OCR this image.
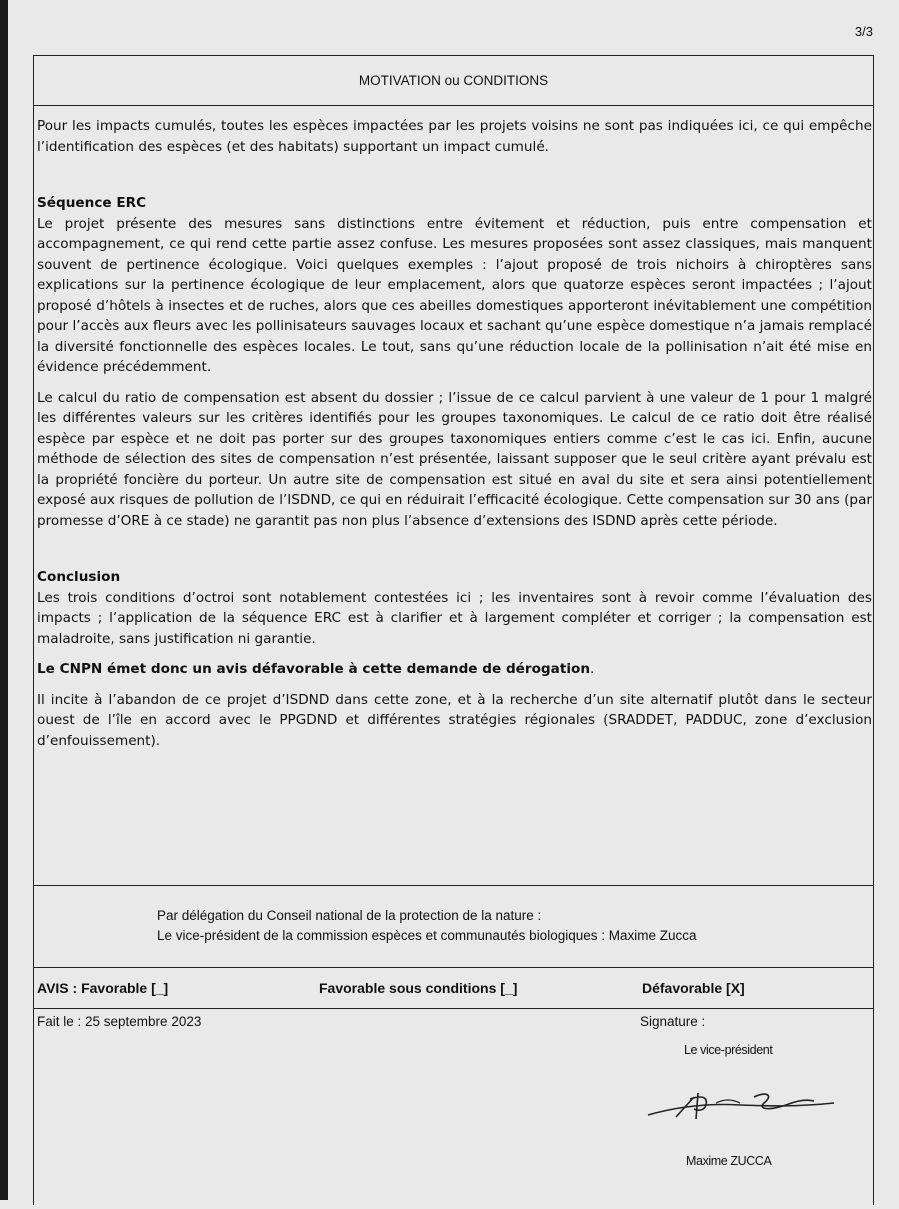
3/3
MOTIVATION ou CONDITIONS

Pour les impacts cumulés, toutes les espèces impactées par les projets voisins ne sont pas indiquées ici, ce qui empêche l’identification des espèces (et des habitats) supportant un impact cumulé.

Séquence ERC

Le projet présente des mesures sans distinctions entre évitement et réduction, puis entre compensation et accompagnement, ce qui rend cette partie assez confuse. Les mesures proposées sont assez classiques, mais manquent souvent de pertinence écologique. Voici quelques exemples : l’ajout proposé de trois nichoirs à chiroptères sans explications sur la pertinence écologique de leur emplacement, alors que quatorze espèces seront impactées ; l’ajout proposé d’hôtels à insectes et de ruches, alors que ces abeilles domestiques apporteront inévitablement une compétition pour l’accès aux fleurs avec les pollinisateurs sauvages locaux et sachant qu’une espèce domestique n’a jamais remplacé la diversité fonctionnelle des espèces locales. Le tout, sans qu’une réduction locale de la pollinisation n’ait été mise en évidence précédemment.

Le calcul du ratio de compensation est absent du dossier ; l’issue de ce calcul parvient à une valeur de 1 pour 1 malgré les différentes valeurs sur les critères identifiés pour les groupes taxonomiques. Le calcul de ce ratio doit être réalisé espèce par espèce et ne doit pas porter sur des groupes taxonomiques entiers comme c’est le cas ici. Enfin, aucune méthode de sélection des sites de compensation n’est présentée, laissant supposer que le seul critère ayant prévalu est la propriété foncière du porteur. Un autre site de compensation est situé en aval du site et sera ainsi potentiellement exposé aux risques de pollution de l’ISDND, ce qui en réduirait l’efficacité écologique. Cette compensation sur 30 ans (par promesse d’ORE à ce stade) ne garantit pas non plus l’absence d’extensions des ISDND après cette période.

Conclusion

Les trois conditions d’octroi sont notablement contestées ici ; les inventaires sont à revoir comme l’évaluation des impacts ; l’application de la séquence ERC est à clarifier et à largement compléter et corriger ; la compensation est maladroite, sans justification ni garantie.

Le CNPN émet donc un avis défavorable à cette demande de dérogation.

Il incite à l’abandon de ce projet d’ISDND dans cette zone, et à la recherche d’un site alternatif plutôt dans le secteur ouest de l’île en accord avec le PPGDND et différentes stratégies régionales (SRADDET, PADDUC, zone d’exclusion d’enfouissement).

Par délégation du Conseil national de la protection de la nature :
Le vice-président de la commission espèces et communautés biologiques : Maxime Zucca
AVIS : Favorable [_]	Favorable sous conditions [_]	Défavorable [X]
Fait le : 25 septembre 2023	Signature :
Le vice-président
Maxime ZUCCA
